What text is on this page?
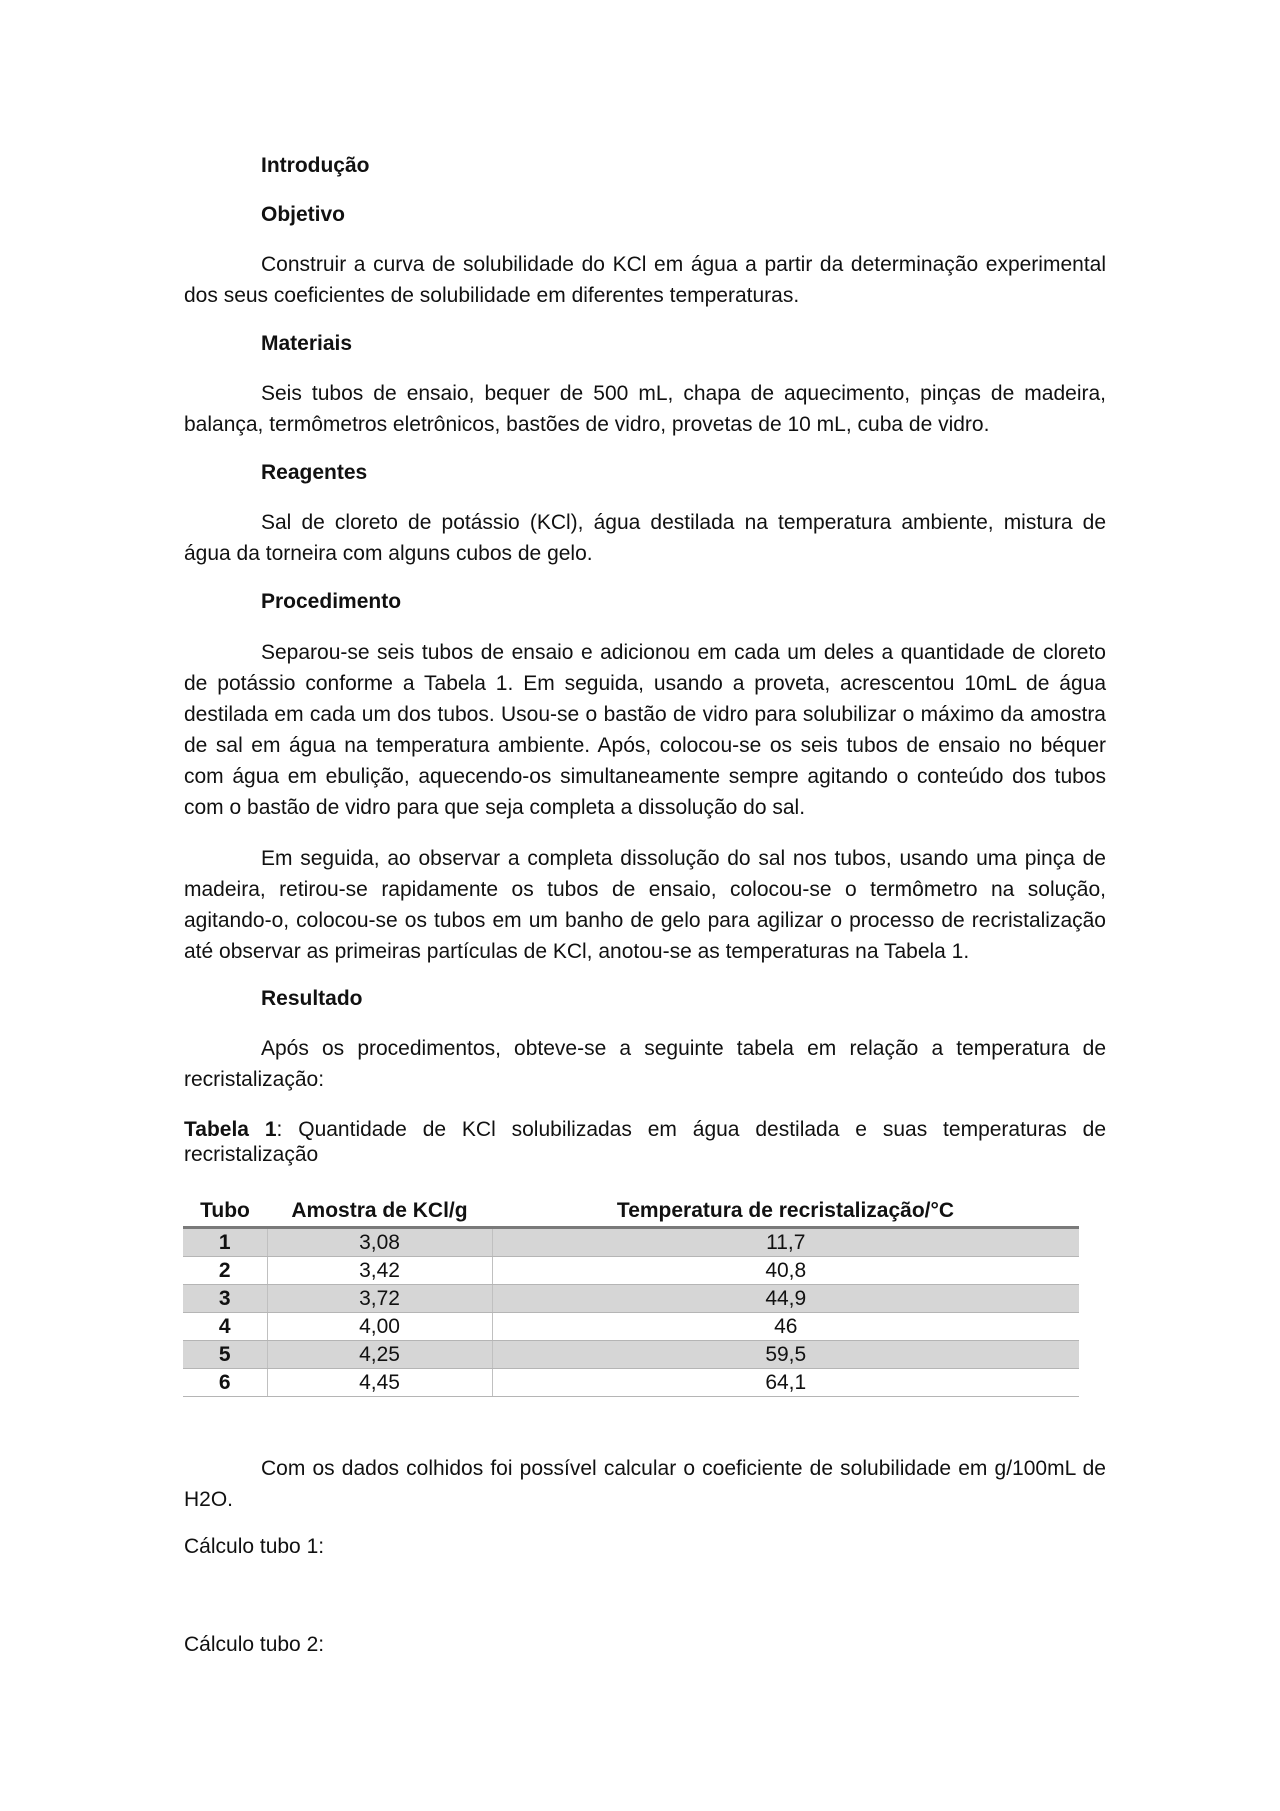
Introdução
Objetivo
Construir a curva de solubilidade do KCl em água a partir da determinação experimental dos seus coeficientes de solubilidade em diferentes temperaturas.
Materiais
Seis tubos de ensaio, bequer de 500 mL, chapa de aquecimento, pinças de madeira, balança, termômetros eletrônicos, bastões de vidro, provetas de 10 mL, cuba de vidro.
Reagentes
Sal de cloreto de potássio (KCl), água destilada na temperatura ambiente, mistura de água da torneira com alguns cubos de gelo.
Procedimento
Separou-se seis tubos de ensaio e adicionou em cada um deles a quantidade de cloreto de potássio conforme a Tabela 1. Em seguida, usando a proveta, acrescentou 10mL de água destilada em cada um dos tubos. Usou-se o bastão de vidro para solubilizar o máximo da amostra de sal em água na temperatura ambiente. Após, colocou-se os seis tubos de ensaio no béquer com água em ebulição, aquecendo-os simultaneamente sempre agitando o conteúdo dos tubos com o bastão de vidro para que seja completa a dissolução do sal.
Em seguida, ao observar a completa dissolução do sal nos tubos, usando uma pinça de madeira, retirou-se rapidamente os tubos de ensaio, colocou-se o termômetro na solução, agitando-o, colocou-se os tubos em um banho de gelo para agilizar o processo de recristalização até observar as primeiras partículas de KCl, anotou-se as temperaturas na Tabela 1.
Resultado
Após os procedimentos, obteve-se a seguinte tabela em relação a temperatura de recristalização:
Tabela 1: Quantidade de KCl solubilizadas em água destilada e suas temperaturas de recristalização
Tubo	Amostra de KCl/g	Temperatura de recristalização/°C
1	3,08	11,7
2	3,42	40,8
3	3,72	44,9
4	4,00	46
5	4,25	59,5
6	4,45	64,1
Com os dados colhidos foi possível calcular o coeficiente de solubilidade em g/100mL de H2O.
Cálculo tubo 1:
Cálculo tubo 2:
